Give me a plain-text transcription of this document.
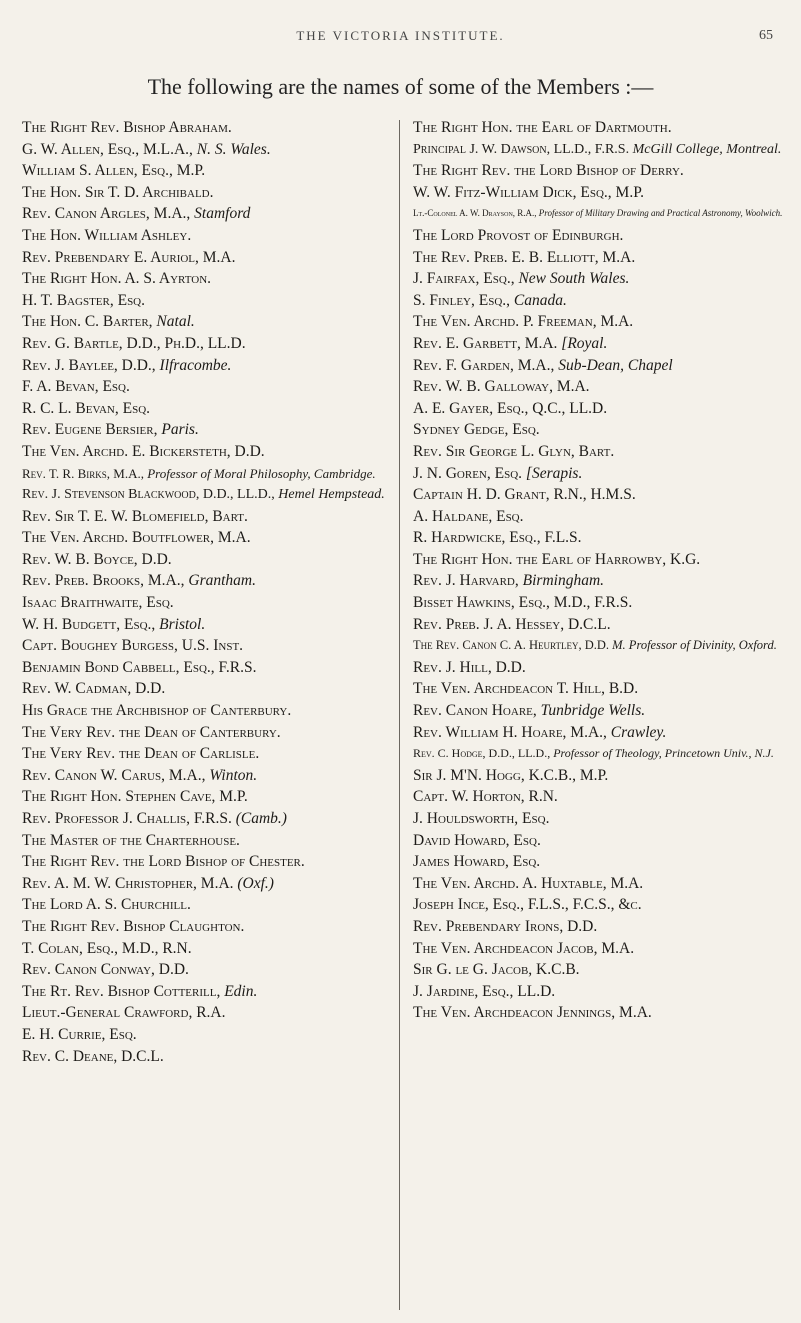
THE VICTORIA INSTITUTE.	65
The following are the names of some of the Members :—
The Right Rev. Bishop Abraham.
G. W. Allen, Esq., M.L.A., N. S. Wales.
William S. Allen, Esq., M.P.
The Hon. Sir T. D. Archibald.
Rev. Canon Argles, M.A., Stamford
The Hon. William Ashley.
Rev. Prebendary E. Auriol, M.A.
The Right Hon. A. S. Ayrton.
H. T. Bagster, Esq.
The Hon. C. Barter, Natal.
Rev. G. Bartle, D.D., Ph.D., LL.D.
Rev. J. Baylee, D.D., Ilfracombe.
F. A. Bevan, Esq.
R. C. L. Bevan, Esq.
Rev. Eugene Bersier, Paris.
The Ven. Archd. E. Bickersteth, D.D.
Rev. T. R. Birks, M.A., Professor of Moral Philosophy, Cambridge.
Rev. J. Stevenson Blackwood, D.D., LL.D., Hemel Hempstead.
Rev. Sir T. E. W. Blomefield, Bart.
The Ven. Archd. Boutflower, M.A.
Rev. W. B. Boyce, D.D.
Rev. Preb. Brooks, M.A., Grantham.
Isaac Braithwaite, Esq.
W. H. Budgett, Esq., Bristol.
Capt. Boughey Burgess, U.S. Inst.
Benjamin Bond Cabbell, Esq., F.R.S.
Rev. W. Cadman, D.D.
His Grace the Archbishop of Canterbury.
The Very Rev. the Dean of Canterbury.
The Very Rev. the Dean of Carlisle.
Rev. Canon W. Carus, M.A., Winton.
The Right Hon. Stephen Cave, M.P.
Rev. Professor J. Challis, F.R.S. (Camb.)
The Master of the Charterhouse.
The Right Rev. the Lord Bishop of Chester.
Rev. A. M. W. Christopher, M.A. (Oxf.)
The Lord A. S. Churchill.
The Right Rev. Bishop Claughton.
T. Colan, Esq., M.D., R.N.
Rev. Canon Conway, D.D.
The Rt. Rev. Bishop Cotterill, Edin.
Lieut.-General Crawford, R.A.
E. H. Currie, Esq.
Rev. C. Deane, D.C.L.
The Right Hon. the Earl of Dartmouth.
Principal J. W. Dawson, LL.D., F.R.S. McGill College, Montreal.
The Right Rev. the Lord Bishop of Derry.
W. W. Fitz-William Dick, Esq., M.P.
Lt.-Colonel A. W. Drayson, R.A., Professor of Military Drawing and Practical Astronomy, Woolwich.
The Lord Provost of Edinburgh.
The Rev. Preb. E. B. Elliott, M.A.
J. Fairfax, Esq., New South Wales.
S. Finley, Esq., Canada.
The Ven. Archd. P. Freeman, M.A.
Rev. E. Garbett, M.A. [Royal.
Rev. F. Garden, M.A., Sub-Dean, Chapel
Rev. W. B. Galloway, M.A.
A. E. Gayer, Esq., Q.C., LL.D.
Sydney Gedge, Esq.
Rev. Sir George L. Glyn, Bart.
J. N. Goren, Esq. [Serapis.
Captain H. D. Grant, R.N., H.M.S.
A. Haldane, Esq.
R. Hardwicke, Esq., F.L.S.
The Right Hon. the Earl of Harrowby, K.G.
Rev. J. Harvard, Birmingham.
Bisset Hawkins, Esq., M.D., F.R.S.
Rev. Preb. J. A. Hessey, D.C.L.
The Rev. Canon C. A. Heurtley, D.D. M. Professor of Divinity, Oxford.
Rev. J. Hill, D.D.
The Ven. Archdeacon T. Hill, B.D.
Rev. Canon Hoare, Tunbridge Wells.
Rev. William H. Hoare, M.A., Crawley.
Rev. C. Hodge, D.D., LL.D., Professor of Theology, Princetown Univ., N.J.
Sir J. M'N. Hogg, K.C.B., M.P.
Capt. W. Horton, R.N.
J. Houldsworth, Esq.
David Howard, Esq.
James Howard, Esq.
The Ven. Archd. A. Huxtable, M.A.
Joseph Ince, Esq., F.L.S., F.C.S., &c.
Rev. Prebendary Irons, D.D.
The Ven. Archdeacon Jacob, M.A.
Sir G. le G. Jacob, K.C.B.
J. Jardine, Esq., LL.D.
The Ven. Archdeacon Jennings, M.A.
